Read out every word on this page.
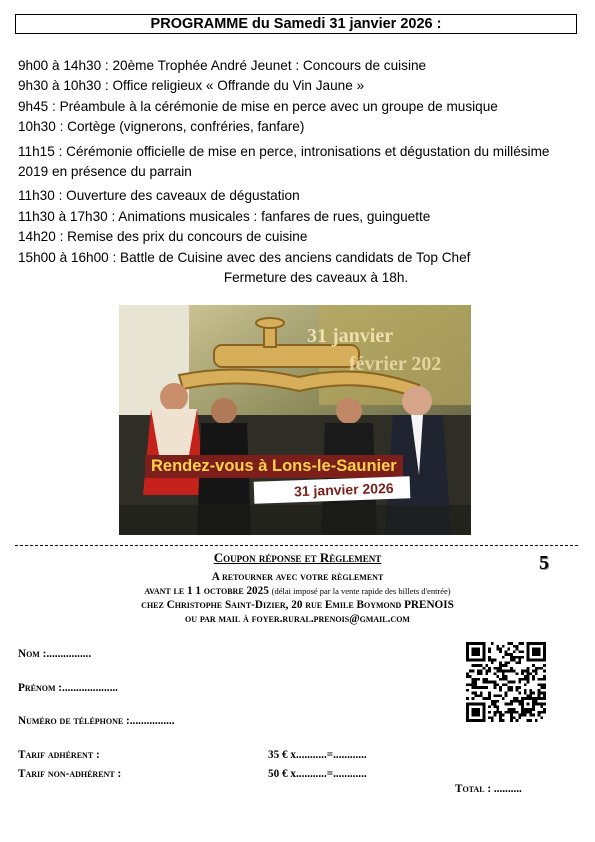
PROGRAMME du Samedi 31 janvier 2026 :

9h00 à 14h30 : 20ème Trophée André Jeunet : Concours de cuisine

9h30 à 10h30 : Office religieux « Offrande du Vin Jaune »

9h45 : Préambule à la cérémonie de mise en perce avec un groupe de musique

10h30 : Cortège (vignerons, confréries, fanfare)

11h15 : Cérémonie officielle de mise en perce, intronisations et dégustation du millésime 2019 en présence du parrain

11h30 : Ouverture des caveaux de dégustation

11h30 à 17h30 : Animations musicales : fanfares de rues, guinguette

14h20 : Remise des prix du concours de cuisine

15h00 à 16h00 : Battle de Cuisine avec des anciens candidats de Top Chef

Fermeture des caveaux à 18h.

31 janvier
février 202
Rendez-vous à Lons-le-Saunier
31 janvier 2026
Coupon réponse et Règlement	5
A retourner avec votre règlement
avant le 1 1 octobre 2025 (délai imposé par la vente rapide des billets d'entrée)
chez Christophe Saint-Dizier, 20 rue Emile Boymond PRENOIS
ou par mail à foyer.rural.prenois@gmail.com
Nom :................
Prénom :....................
Numéro de téléphone :................
Tarif adhérent :	35 € x...........=............
Tarif non-adhérent :	50 € x...........=............
Total : ..........
